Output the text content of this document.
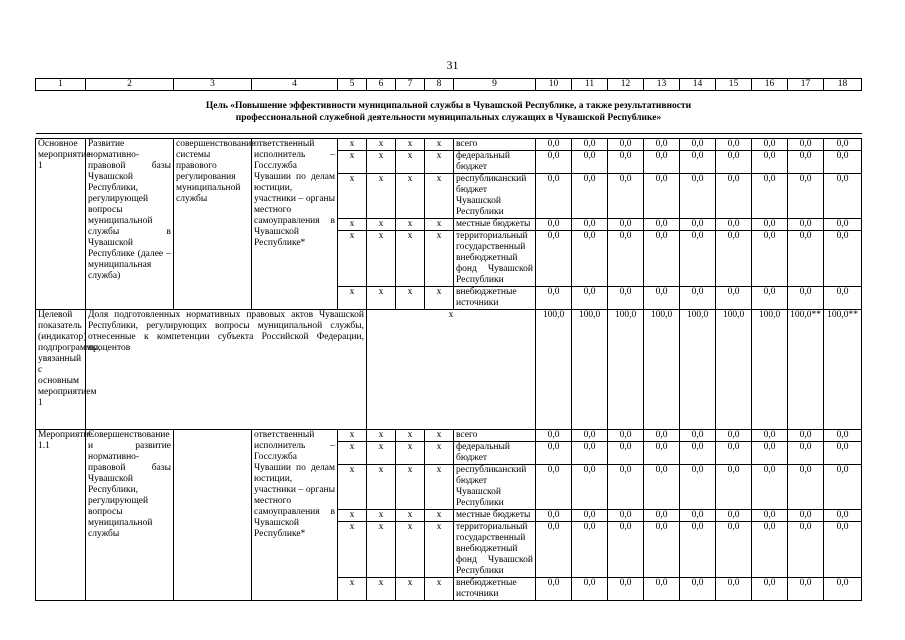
31
1	2	3	4	5	6	7	8	9	10	11	12	13	14	15	16	17	18

Цель «Повышение эффективности муниципальной службы в Чувашской Республике, а также результативности
профессиональной служебной деятельности муниципальных служащих в Чувашской Республике»																	

Основное мероприятие 1	Развитие нормативно-правовой базы Чувашской Республики, регулирующей вопросы муниципальной службы в Чувашской Республике (далее – муниципальная служба)	совершенствование системы правового регулирования муниципальной службы	ответственный исполнитель – Госслужба Чувашии по делам юстиции, участники – органы местного самоуправления в Чувашской Республике*	x	x	x	x	всего	0,0	0,0	0,0	0,0	0,0	0,0	0,0	0,0	0,0
				x	x	x	x	федеральный бюджет	0,0	0,0	0,0	0,0	0,0	0,0	0,0	0,0	0,0
				x	x	x	x	республиканский бюджет Чувашской Республики	0,0	0,0	0,0	0,0	0,0	0,0	0,0	0,0	0,0
				x	x	x	x	местные бюджеты	0,0	0,0	0,0	0,0	0,0	0,0	0,0	0,0	0,0
				x	x	x	x	территориальный государственный внебюджетный фонд Чувашской Республики	0,0	0,0	0,0	0,0	0,0	0,0	0,0	0,0	0,0
				x	x	x	x	внебюджетные источники	0,0	0,0	0,0	0,0	0,0	0,0	0,0	0,0	0,0
Целевой показатель (индикатор) подпрограммы, увязанный с основным мероприятием 1	Доля подготовленных нормативных правовых актов Чувашской Республики, регулирующих вопросы муниципальной службы, отнесенные к компетенции субъекта Российской Федерации, процентов				x				100,0	100,0	100,0	100,0	100,0	100,0	100,0	100,0**	100,0**
Мероприятие 1.1	Совершенствование и развитие нормативно-правовой базы Чувашской Республики, регулирующей вопросы муниципальной службы		ответственный исполнитель – Госслужба Чувашии по делам юстиции, участники – органы местного самоуправления в Чувашской Республике*	x	x	x	x	всего	0,0	0,0	0,0	0,0	0,0	0,0	0,0	0,0	0,0
				x	x	x	x	федеральный бюджет	0,0	0,0	0,0	0,0	0,0	0,0	0,0	0,0	0,0
				x	x	x	x	республиканский бюджет Чувашской Республики	0,0	0,0	0,0	0,0	0,0	0,0	0,0	0,0	0,0
				x	x	x	x	местные бюджеты	0,0	0,0	0,0	0,0	0,0	0,0	0,0	0,0	0,0
				x	x	x	x	территориальный государственный внебюджетный фонд Чувашской Республики	0,0	0,0	0,0	0,0	0,0	0,0	0,0	0,0	0,0
				x	x	x	x	внебюджетные источники	0,0	0,0	0,0	0,0	0,0	0,0	0,0	0,0	0,0
